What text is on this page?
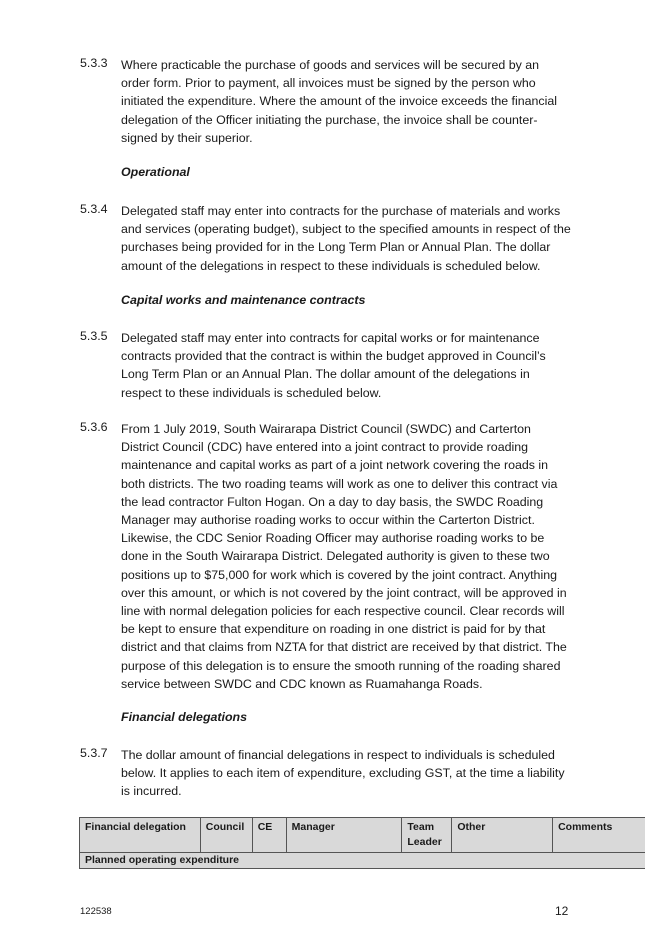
5.3.3 Where practicable the purchase of goods and services will be secured by an order form. Prior to payment, all invoices must be signed by the person who initiated the expenditure. Where the amount of the invoice exceeds the financial delegation of the Officer initiating the purchase, the invoice shall be counter-signed by their superior.
Operational
5.3.4 Delegated staff may enter into contracts for the purchase of materials and works and services (operating budget), subject to the specified amounts in respect of the purchases being provided for in the Long Term Plan or Annual Plan. The dollar amount of the delegations in respect to these individuals is scheduled below.
Capital works and maintenance contracts
5.3.5 Delegated staff may enter into contracts for capital works or for maintenance contracts provided that the contract is within the budget approved in Council’s Long Term Plan or an Annual Plan. The dollar amount of the delegations in respect to these individuals is scheduled below.
5.3.6 From 1 July 2019, South Wairarapa District Council (SWDC) and Carterton District Council (CDC) have entered into a joint contract to provide roading maintenance and capital works as part of a joint network covering the roads in both districts. The two roading teams will work as one to deliver this contract via the lead contractor Fulton Hogan. On a day to day basis, the SWDC Roading Manager may authorise roading works to occur within the Carterton District. Likewise, the CDC Senior Roading Officer may authorise roading works to be done in the South Wairarapa District. Delegated authority is given to these two positions up to $75,000 for work which is covered by the joint contract. Anything over this amount, or which is not covered by the joint contract, will be approved in line with normal delegation policies for each respective council. Clear records will be kept to ensure that expenditure on roading in one district is paid for by that district and that claims from NZTA for that district are received by that district. The purpose of this delegation is to ensure the smooth running of the roading shared service between SWDC and CDC known as Ruamahanga Roads.
Financial delegations
5.3.7 The dollar amount of financial delegations in respect to individuals is scheduled below. It applies to each item of expenditure, excluding GST, at the time a liability is incurred.
Financial delegation	Council	CE	Manager	Team Leader	Other	Comments
Planned operating expenditure
122538	12
